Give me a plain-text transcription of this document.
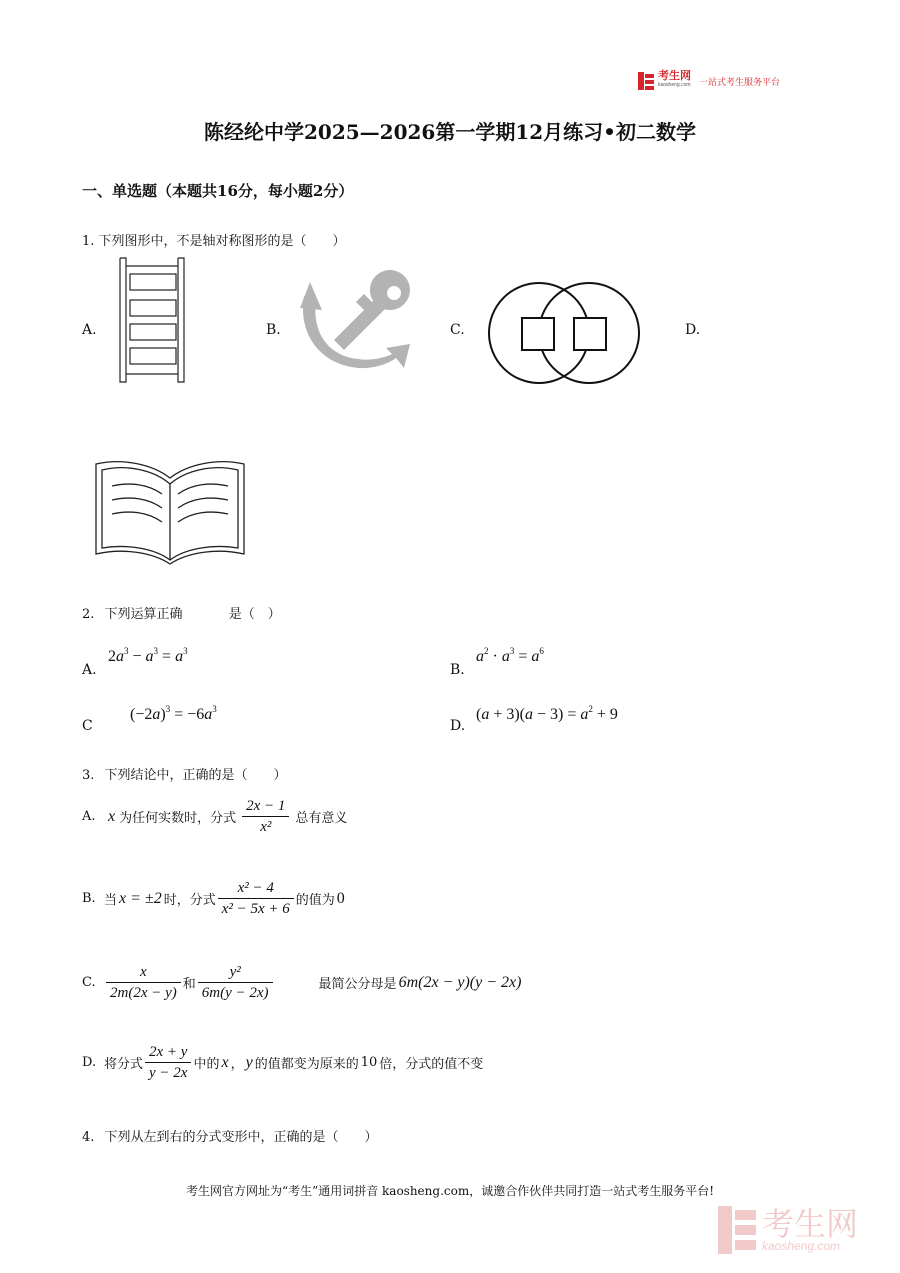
考生网
kaosheng.com 一站式考生服务平台
陈经纶中学2025—2026第一学期12月练习•初二数学
一、单选题（本题共16分，每小题2分）
1. 下列图形中，不是轴对称图形的是（　　）
A.	B.	C.	D.
2. 下列运算正确	是（　）
A.
$2a^3 - a^3 = a^3$
B.
$a^2 \cdot a^3 = a^6$
C
$(-2a)^3 = -6a^3$
D.
$(a + 3)(a - 3) = a^2 + 9$
3. 下列结论中，正确的是（　　）
A. x 为任何实数时，分式 $\frac{2x - 1}{\text{x²}}$ 总有意义
B. 当 x = ±2 时，分式 $\frac{\text{x² − 4}}{\text{x² − 5x + 6}}$ 的值为 0
C. $\frac{x}{2m(2x - y)}$ 和 $\frac{\text{y²}}{6m(y - 2x)}$	最简公分母是 6m(2x − y)(y − 2x)
D. 将分式 $\frac{2x + y}{y - 2x}$ 中的 x ， y 的值都变为原来的 10 倍，分式的值不变
4. 下列从左到右的分式变形中，正确的是（　　）
考生网官方网址为“考生”通用词拼音 kaosheng.com，诚邀合作伙伴共同打造一站式考生服务平台!
考生网
kaosheng.com
